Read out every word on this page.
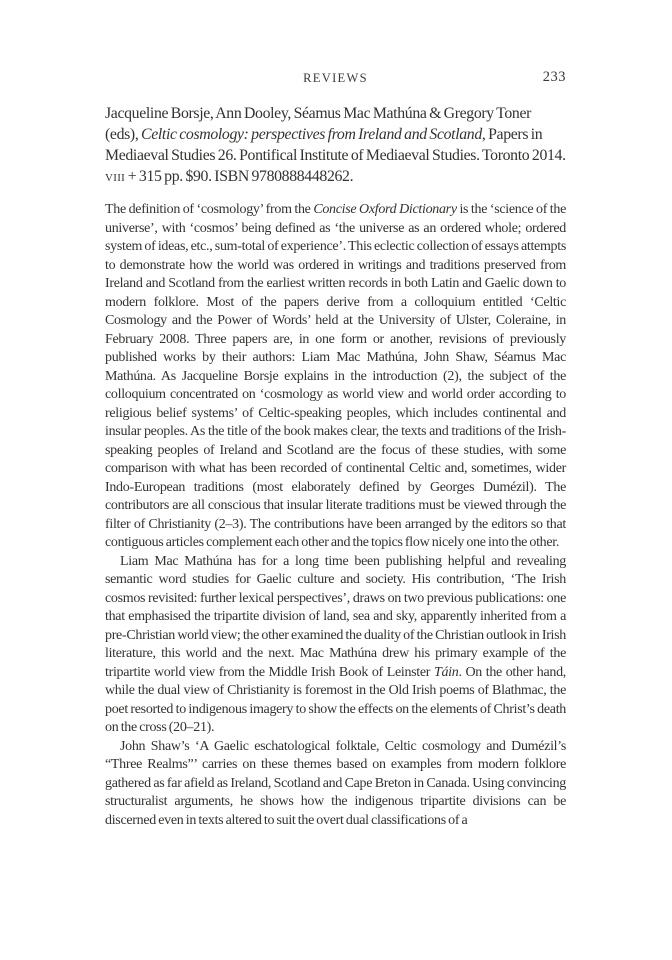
REVIEWS	233

Jacqueline Borsje, Ann Dooley, Séamus Mac Mathúna & Gregory Toner (eds), Celtic cosmology: perspectives from Ireland and Scotland, Papers in Mediaeval Studies 26. Pontifical Institute of Mediaeval Studies. Toronto 2014. viii + 315 pp. $90. ISBN 9780888448262.

The definition of ‘cosmology’ from the Concise Oxford Dictionary is the ‘science of the universe’, with ‘cosmos’ being defined as ‘the universe as an ordered whole; ordered system of ideas, etc., sum-total of experience’. This eclectic collection of essays attempts to demonstrate how the world was ordered in writings and traditions preserved from Ireland and Scotland from the earliest written records in both Latin and Gaelic down to modern folklore. Most of the papers derive from a colloquium entitled ‘Celtic Cosmology and the Power of Words’ held at the University of Ulster, Coleraine, in February 2008. Three papers are, in one form or another, revisions of previously published works by their authors: Liam Mac Mathúna, John Shaw, Séamus Mac Mathúna. As Jacqueline Borsje explains in the introduction (2), the subject of the colloquium concentrated on ‘cosmology as world view and world order according to religious belief systems’ of Celtic-speaking peoples, which includes continental and insular peoples. As the title of the book makes clear, the texts and traditions of the Irish-speaking peoples of Ireland and Scotland are the focus of these studies, with some comparison with what has been recorded of continental Celtic and, sometimes, wider Indo-European traditions (most elaborately defined by Georges Dumézil). The contributors are all conscious that insular literate traditions must be viewed through the filter of Christianity (2–3). The contributions have been arranged by the editors so that contiguous articles complement each other and the topics flow nicely one into the other.

Liam Mac Mathúna has for a long time been publishing helpful and revealing semantic word studies for Gaelic culture and society. His contribution, ‘The Irish cosmos revisited: further lexical perspectives’, draws on two previous publications: one that emphasised the tripartite division of land, sea and sky, apparently inherited from a pre-Christian world view; the other examined the duality of the Christian outlook in Irish literature, this world and the next. Mac Mathúna drew his primary example of the tripartite world view from the Middle Irish Book of Leinster Táin. On the other hand, while the dual view of Christianity is foremost in the Old Irish poems of Blathmac, the poet resorted to indigenous imagery to show the effects on the elements of Christ’s death on the cross (20–21).

John Shaw’s ‘A Gaelic eschatological folktale, Celtic cosmology and Dumézil’s “Three Realms”’ carries on these themes based on examples from modern folklore gathered as far afield as Ireland, Scotland and Cape Breton in Canada. Using convincing structuralist arguments, he shows how the indigenous tripartite divisions can be discerned even in texts altered to suit the overt dual classifications of a
